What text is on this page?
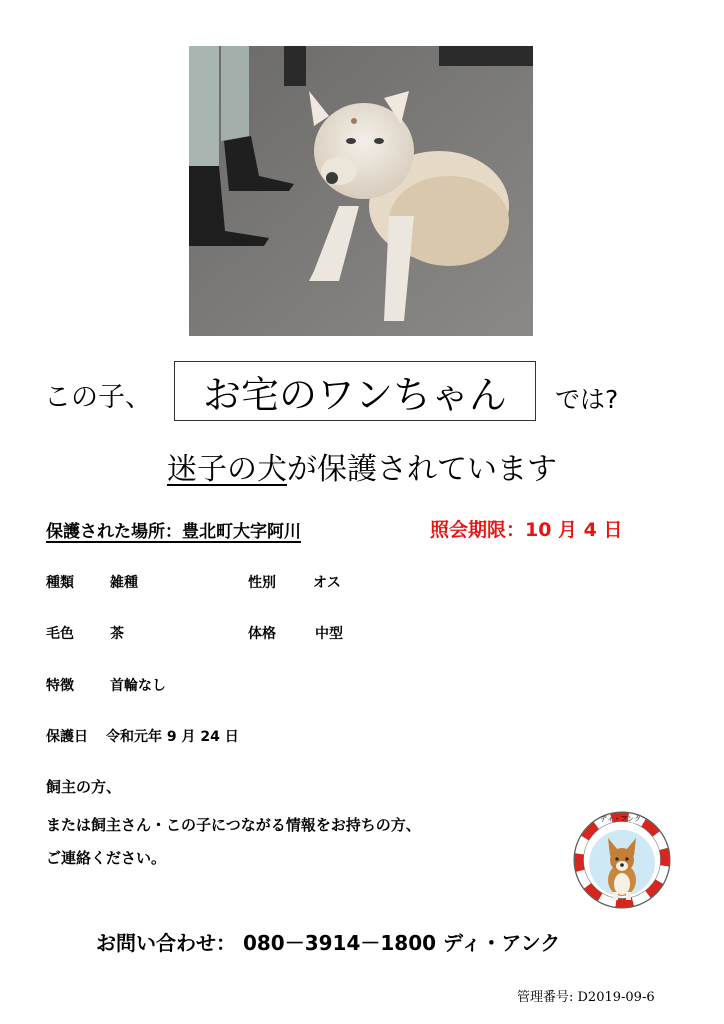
この子、 お宅のワンちゃん では?
迷子の犬が保護されています
保護された場所：豊北町大字阿川	照会期限：10 月 4 日
種類	雑種	性別	オス
毛色	茶	体格	中型
特徴	首輪なし
保護日 令和元年 9 月 24 日
飼主の方、
または飼主さん・この子につながる情報をお持ちの方、
ご連絡ください。
ディ・アンク
お問い合わせ： 080－3914－1800 ディ・アンク
管理番号: D2019-09-6
